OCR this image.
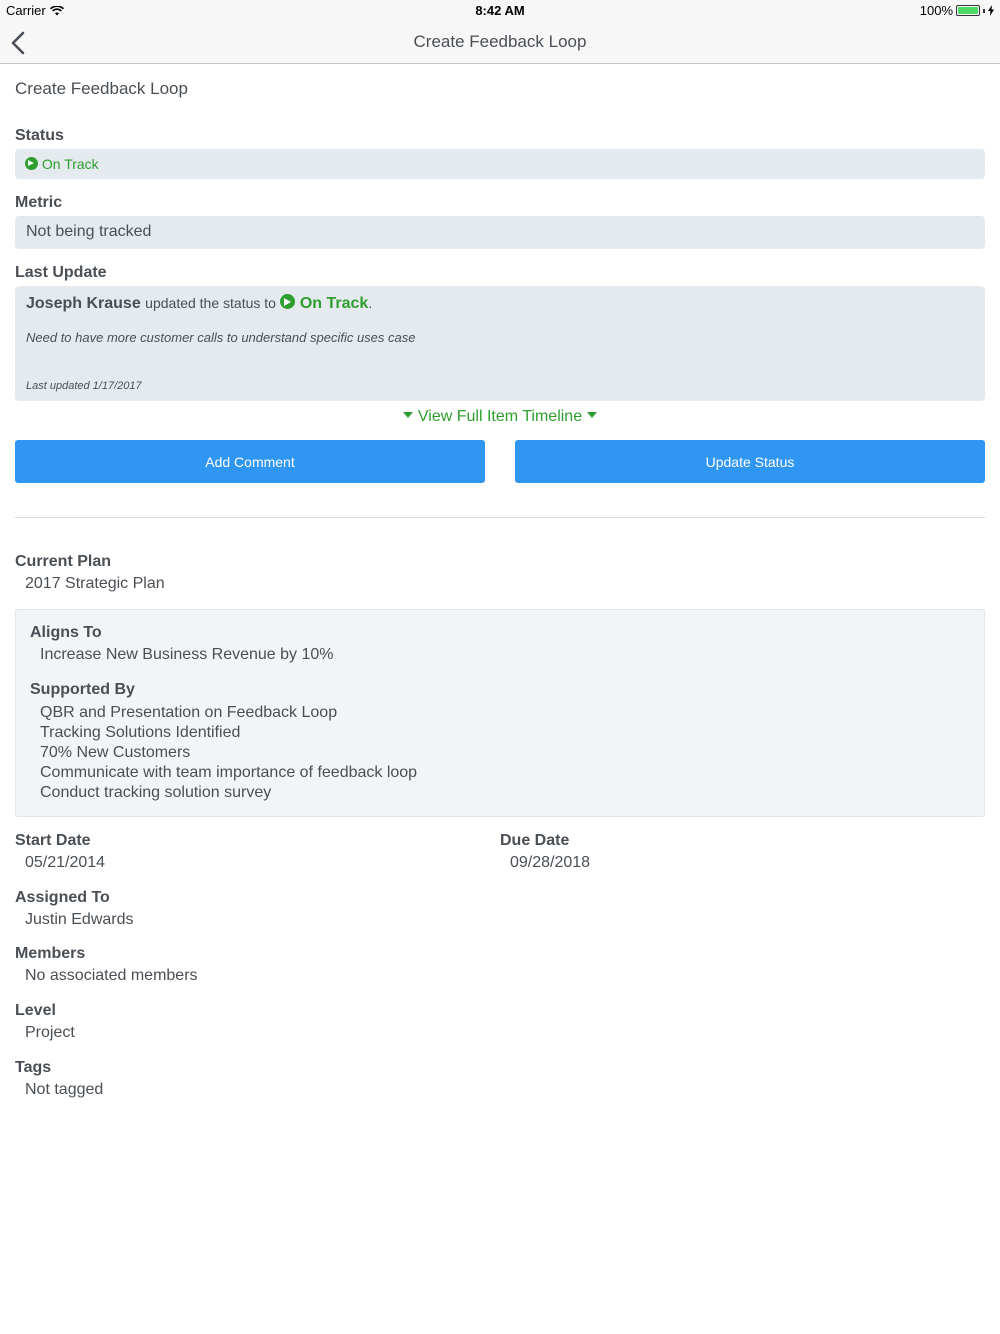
Carrier	8:42 AM	100%
Create Feedback Loop
Create Feedback Loop
Status
On Track
Metric
Not being tracked
Last Update
Joseph Krause updated the status to On Track.
Need to have more customer calls to understand specific uses case
Last updated 1/17/2017
View Full Item Timeline
Add Comment	Update Status
Current Plan
2017 Strategic Plan
Aligns To
Increase New Business Revenue by 10%
Supported By
QBR and Presentation on Feedback Loop
Tracking Solutions Identified
70% New Customers
Communicate with team importance of feedback loop
Conduct tracking solution survey
Start Date
05/21/2014
Due Date
09/28/2018
Assigned To
Justin Edwards
Members
No associated members
Level
Project
Tags
Not tagged
